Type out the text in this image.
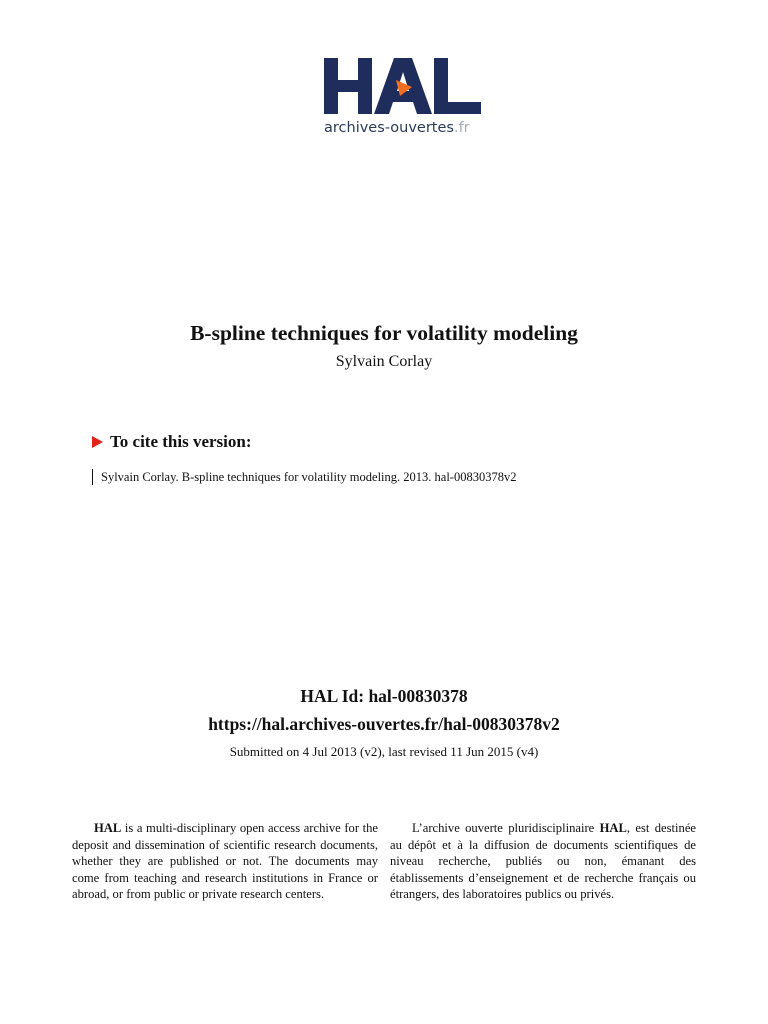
archives-ouvertes.fr
B-spline techniques for volatility modeling
Sylvain Corlay
To cite this version:
Sylvain Corlay. B-spline techniques for volatility modeling. 2013. hal-00830378v2
HAL Id: hal-00830378
https://hal.archives-ouvertes.fr/hal-00830378v2
Submitted on 4 Jul 2013 (v2), last revised 11 Jun 2015 (v4)

HAL is a multi-disciplinary open access archive for the deposit and dissemination of scientific research documents, whether they are published or not. The documents may come from teaching and research institutions in France or abroad, or from public or private research centers.

L’archive ouverte pluridisciplinaire HAL, est destinée au dépôt et à la diffusion de documents scientifiques de niveau recherche, publiés ou non, émanant des établissements d’enseignement et de recherche français ou étrangers, des laboratoires publics ou privés.
